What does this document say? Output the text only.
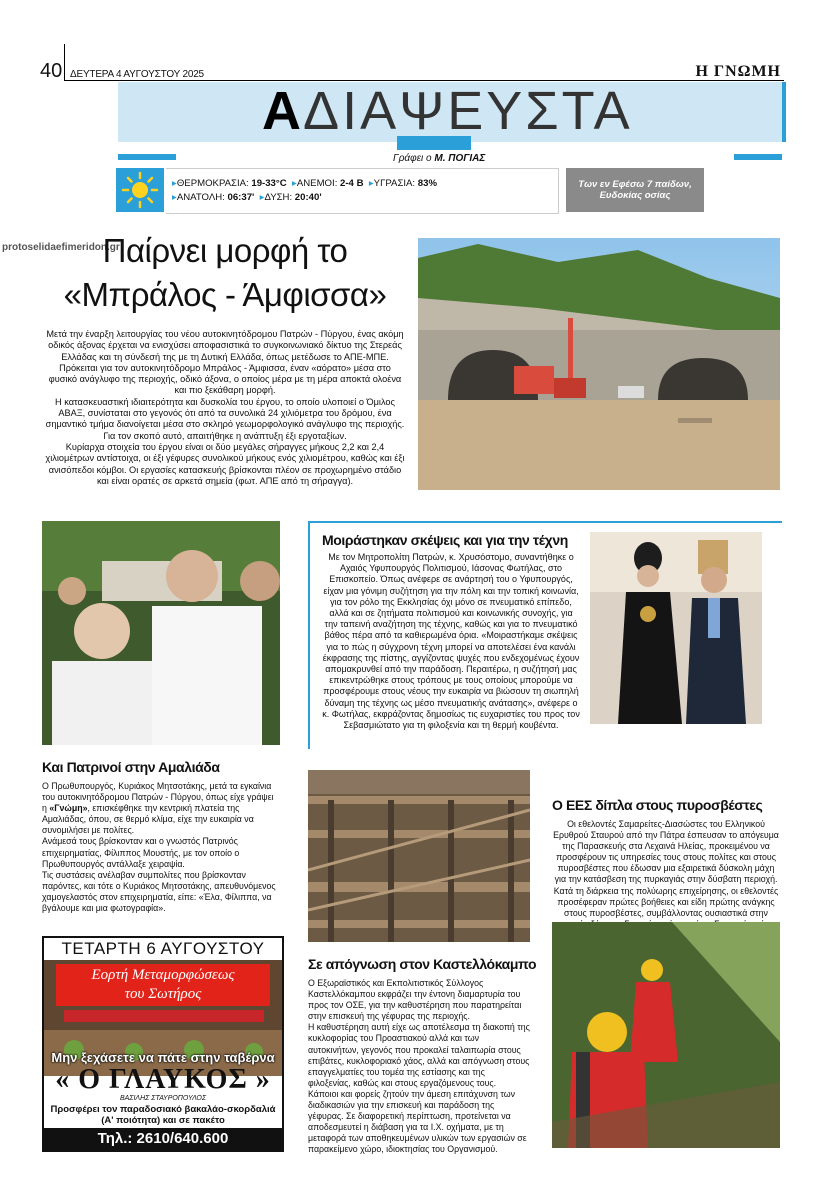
40 ΔΕΥΤΕΡΑ 4 ΑΥΓΟΥΣΤΟΥ 2025	Η ΓΝΩΜΗ
ΑΔΙΑΨΕΥΣΤΑ
Γράφει ο Μ. ΠΟΓΙΑΣ
▸ΘΕΡΜΟΚΡΑΣΙΑ: 19-33°C ▸ΑΝΕΜΟΙ: 2-4 Β ▸ΥΓΡΑΣΙΑ: 83%
▸ΑΝΑΤΟΛΗ: 06:37' ▸ΔΥΣΗ: 20:40'
Των εν Εφέσω 7 παίδων,
Ευδοκίας οσίας
protoselidaefimeridon.gr
Παίρνει μορφή το
«Μπράλος - Άμφισσα»

Μετά την έναρξη λειτουργίας του νέου αυτοκινητόδρομου Πατρών - Πύργου, ένας ακόμη οδικός άξονας έρχεται να ενισχύσει αποφασιστικά το συγκοινωνιακό δίκτυο της Στερεάς Ελλάδας και τη σύνδεσή της με τη Δυτική Ελλάδα, όπως μετέδωσε το ΑΠΕ-ΜΠΕ. Πρόκειται για τον αυτοκινητόδρομο Μπράλος - Άμφισσα, έναν «αόρατο» μέσα στο φυσικό ανάγλυφο της περιοχής, οδικό άξονα, ο οποίος μέρα με τη μέρα αποκτά ολοένα και πιο ξεκάθαρη μορφή.

Η κατασκευαστική ιδιαιτερότητα και δυσκολία του έργου, το οποίο υλοποιεί ο Όμιλος ΑΒΑΞ, συνίσταται στο γεγονός ότι από τα συνολικά 24 χιλιόμετρα του δρόμου, ένα σημαντικό τμήμα διανοίγεται μέσα στο σκληρό γεωμορφολογικό ανάγλυφο της περιοχής. Για τον σκοπό αυτό, απαιτήθηκε η ανάπτυξη έξι εργοταξίων.

Κυρίαρχα στοιχεία του έργου είναι οι δύο μεγάλες σήραγγες μήκους 2,2 και 2,4 χιλιομέτρων αντίστοιχα, οι έξι γέφυρες συνολικού μήκους ενός χιλιομέτρου, καθώς και έξι ανισόπεδοι κόμβοι. Οι εργασίες κατασκευής βρίσκονται πλέον σε προχωρημένο στάδιο και είναι ορατές σε αρκετά σημεία (φωτ. ΑΠΕ από τη σήραγγα).

Μοιράστηκαν σκέψεις και για την τέχνη
Με τον Μητροπολίτη Πατρών, κ. Χρυσόστομο, συναντήθηκε ο Αχαιός Υφυπουργός Πολιτισμού, Ιάσονας Φωτήλας, στο Επισκοπείο. Όπως ανέφερε σε ανάρτησή του ο Υφυπουργός, είχαν μια γόνιμη συζήτηση για την πόλη και την τοπική κοινωνία, για τον ρόλο της Εκκλησίας όχι μόνο σε πνευματικό επίπεδο, αλλά και σε ζητήματα πολιτισμού και κοινωνικής συνοχής, για την ταπεινή αναζήτηση της τέχνης, καθώς και για το πνευματικό βάθος πέρα από τα καθιερωμένα όρια. «Μοιραστήκαμε σκέψεις για το πώς η σύγχρονη τέχνη μπορεί να αποτελέσει ένα κανάλι έκφρασης της πίστης, αγγίζοντας ψυχές που ενδεχομένως έχουν απομακρυνθεί από την παράδοση. Περαιτέρω, η συζήτησή μας επικεντρώθηκε στους τρόπους με τους οποίους μπορούμε να προσφέρουμε στους νέους την ευκαιρία να βιώσουν τη σιωπηλή δύναμη της τέχνης ως μέσο πνευματικής ανάτασης», ανέφερε ο κ. Φωτήλας, εκφράζοντας δημοσίως τις ευχαριστίες του προς τον Σεβασμιώτατο για τη φιλοξενία και τη θερμή κουβέντα.
Και Πατρινοί στην Αμαλιάδα

Ο Πρωθυπουργός, Κυριάκος Μητσοτάκης, μετά τα εγκαίνια του αυτοκινητόδρομου Πατρών - Πύργου, όπως είχε γράψει η «Γνώμη», επισκέφθηκε την κεντρική πλατεία της Αμαλιάδας, όπου, σε θερμό κλίμα, είχε την ευκαιρία να συνομιλήσει με πολίτες.

Ανάμεσά τους βρίσκονταν και ο γνωστός Πατρινός επιχειρηματίας, Φίλιππος Μουστής, με τον οποίο ο Πρωθυπουργός αντάλλαξε χειραψία.

Τις συστάσεις ανέλαβαν συμπολίτες που βρίσκονταν παρόντες, και τότε ο Κυριάκος Μητσοτάκης, απευθυνόμενος χαμογελαστός στον επιχειρηματία, είπε: «Έλα, Φίλιππα, να βγάλουμε και μια φωτογραφία».

Σε απόγνωση στον Καστελλόκαμπο

Ο Εξωραϊστικός και Εκπολιτιστικός Σύλλογος Καστελλόκαμπου εκφράζει την έντονη διαμαρτυρία του προς τον ΟΣΕ, για την καθυστέρηση που παρατηρείται στην επισκευή της γέφυρας της περιοχής.

Η καθυστέρηση αυτή είχε ως αποτέλεσμα τη διακοπή της κυκλοφορίας του Προαστιακού αλλά και των αυτοκινήτων, γεγονός που προκαλεί ταλαιπωρία στους επιβάτες, κυκλοφοριακό χάος, αλλά και απόγνωση στους επαγγελματίες του τομέα της εστίασης και της φιλοξενίας, καθώς και στους εργαζόμενους τους.

Κάποιοι και φορείς ζητούν την άμεση επιτάχυνση των διαδικασιών για την επισκευή και παράδοση της γέφυρας. Σε διαφορετική περίπτωση, προτείνεται να αποδεσμευτεί η διάβαση για τα Ι.Χ. οχήματα, με τη μεταφορά των αποθηκευμένων υλικών των εργασιών σε παρακείμενο χώρο, ιδιοκτησίας του Οργανισμού.

Ο ΕΕΣ δίπλα στους πυροσβέστες
Οι εθελοντές Σαμαρείτες-Διασώστες του Ελληνικού Ερυθρού Σταυρού από την Πάτρα έσπευσαν το απόγευμα της Παρασκευής στα Λεχαινά Ηλείας, προκειμένου να προσφέρουν τις υπηρεσίες τους στους πολίτες και στους πυροσβέστες που έδωσαν μια εξαιρετικά δύσκολη μάχη για την κατάσβεση της πυρκαγιάς στην δύσβατη περιοχή. Κατά τη διάρκεια της πολύωρης επιχείρησης, οι εθελοντές προσέφεραν πρώτες βοήθειες και είδη πρώτης ανάγκης στους πυροσβέστες, συμβάλλοντας ουσιαστικά στην
ΤΕΤΑΡΤΗ 6 ΑΥΓΟΥΣΤΟΥ
Εορτή Μεταμορφώσεως
του Σωτήρος
Μην ξεχάσετε να πάτε στην ταβέρνα
« Ο ΓΛΑΥΚΟΣ »
ΒΑΣΙΛΗΣ ΣΤΑΥΡΟΠΟΥΛΟΣ
Προσφέρει τον παραδοσιακό βακαλάο-σκορδαλιά
(Α' ποιότητα) και σε πακέτο
Τηλ.: 2610/640.600
